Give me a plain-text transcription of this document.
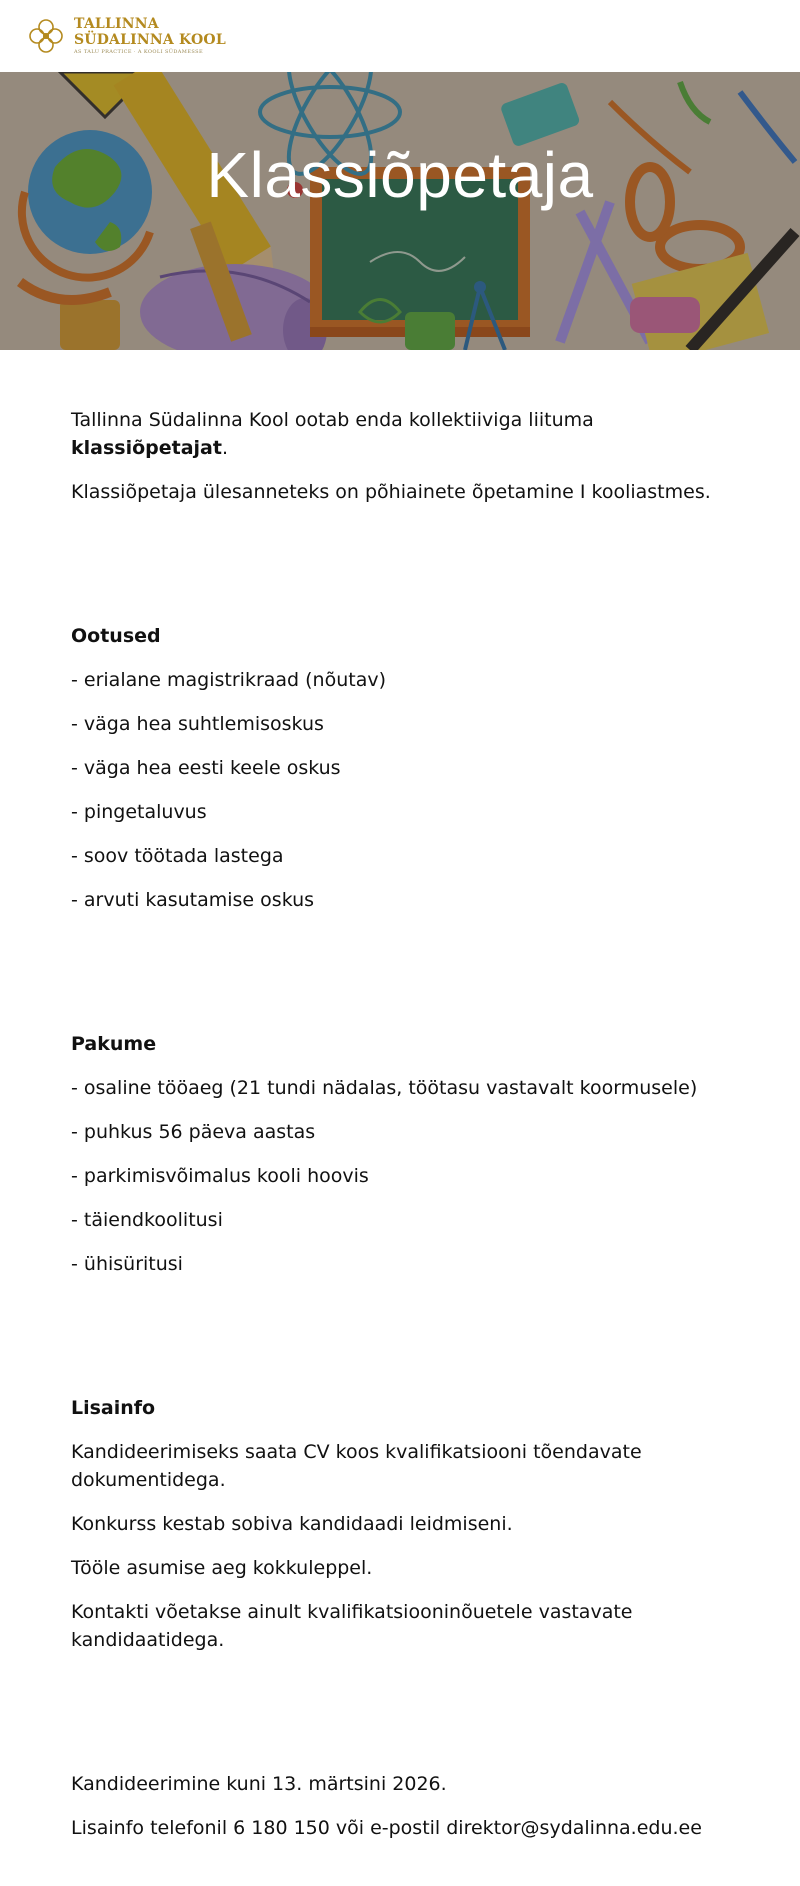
TALLINNA
SÜDALINNA KOOL
AS TALU PRACTICE · A KOOLI SÜDAMESSE
Klassiõpetaja

Tallinna Südalinna Kool ootab enda kollektiiviga liituma klassiõpetajat.

Klassiõpetaja ülesanneteks on põhiainete õpetamine I kooliastmes.

Ootused
- erialane magistrikraad (nõutav)
- väga hea suhtlemisoskus
- väga hea eesti keele oskus
- pingetaluvus
- soov töötada lastega
- arvuti kasutamise oskus
Pakume
- osaline tööaeg (21 tundi nädalas, töötasu vastavalt koormusele)
- puhkus 56 päeva aastas
- parkimisvõimalus kooli hoovis
- täiendkoolitusi
- ühisüritusi
Lisainfo
Kandideerimiseks saata CV koos kvalifikatsiooni tõendavate dokumentidega.
Konkurss kestab sobiva kandidaadi leidmiseni.
Tööle asumise aeg kokkuleppel.
Kontakti võetakse ainult kvalifikatsiooninõuetele vastavate kandidaatidega.
Kandideerimine kuni 13. märtsini 2026.
Lisainfo telefonil 6 180 150 või e-postil direktor@sydalinna.edu.ee
